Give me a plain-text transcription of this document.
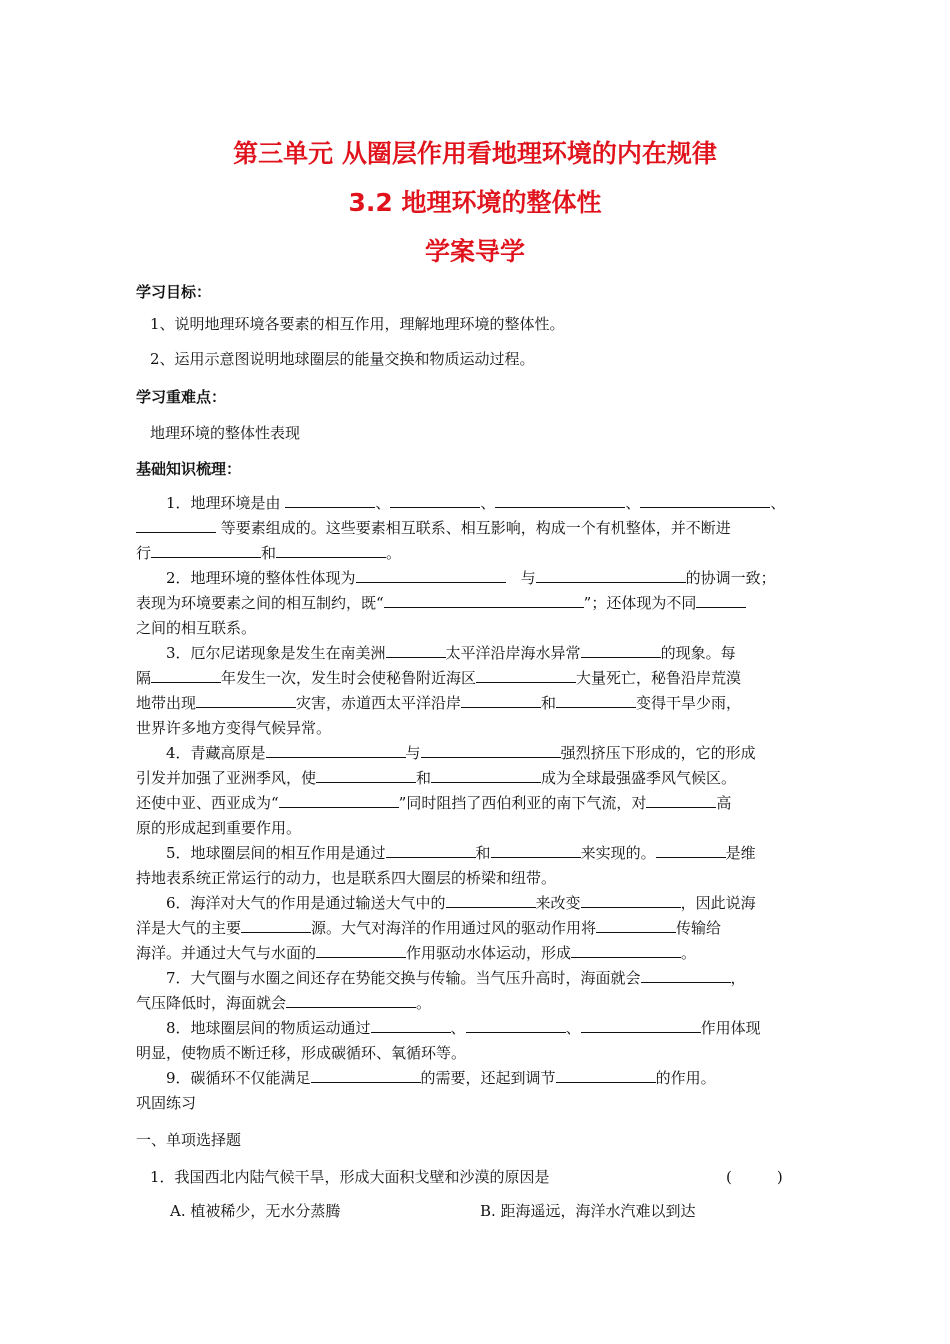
第三单元 从圈层作用看地理环境的内在规律
3.2 地理环境的整体性
学案导学
学习目标：
1、说明地理环境各要素的相互作用，理解地理环境的整体性。
2、运用示意图说明地球圈层的能量交换和物质运动过程。
学习重难点：
地理环境的整体性表现
基础知识梳理：
1．地理环境是由	、	、	、	、
等要素组成的。这些要素相互联系、相互影响，构成一个有机整体，并不断进
行	和	。
2．地理环境的整体性体现为　	与	的协调一致；
表现为环境要素之间的相互制约，既“	”；还体现为不同
之间的相互联系。
3．厄尔尼诺现象是发生在南美洲	太平洋沿岸海水异常	的现象。每
隔	年发生一次，发生时会使秘鲁附近海区	大量死亡，秘鲁沿岸荒漠
地带出现	灾害，赤道西太平洋沿岸	和	变得干旱少雨，
世界许多地方变得气候异常。
4．青藏高原是	与	强烈挤压下形成的，它的形成
引发并加强了亚洲季风，使	和	成为全球最强盛季风气候区。
还使中亚、西亚成为“	”同时阻挡了西伯利亚的南下气流，对	高
原的形成起到重要作用。
5．地球圈层间的相互作用是通过	和	来实现的。	是维
持地表系统正常运行的动力，也是联系四大圈层的桥梁和纽带。
6．海洋对大气的作用是通过输送大气中的	来改变	，因此说海
洋是大气的主要	源。大气对海洋的作用通过风的驱动作用将	传输给
海洋。并通过大气与水面的	作用驱动水体运动，形成	。
7．大气圈与水圈之间还存在势能交换与传输。当气压升高时，海面就会	，
气压降低时，海面就会	。
8．地球圈层间的物质运动通过	、	、	作用体现
明显，使物质不断迁移，形成碳循环、氧循环等。
9．碳循环不仅能满足	的需要，还起到调节	的作用。
巩固练习
一、单项选择题
1．我国西北内陆气候干旱，形成大面积戈壁和沙漠的原因是	(　　　)
A. 植被稀少，无水分蒸腾	B. 距海遥远，海洋水汽难以到达
